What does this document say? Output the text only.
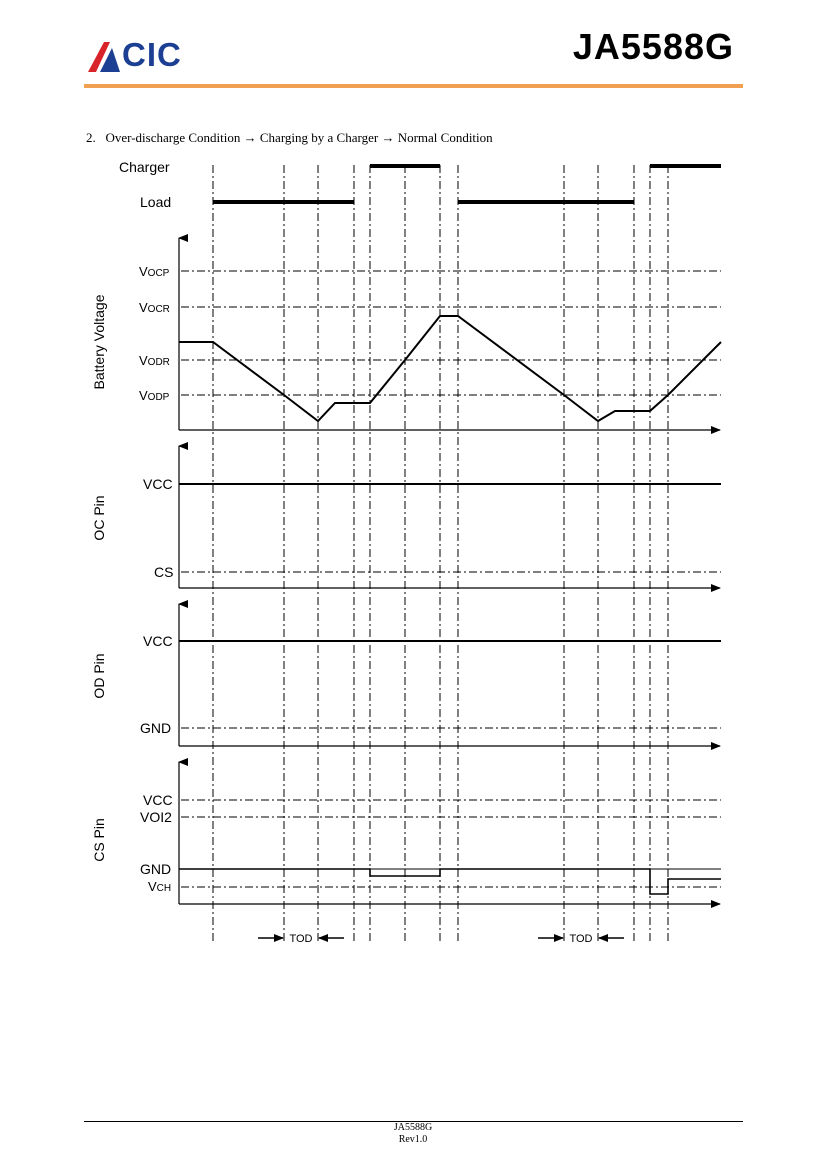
CIC	JA5588G
2.   Over-discharge Condition → Charging by a Charger → Normal Condition
Charger
Load
Battery Voltage
VOCP
VOCR
VODR
VODP
OC Pin
VCC
CS
OD Pin
VCC
GND
CS Pin
VCC
VOI2
GND
VCH
TOD	TOD
JA5588G
Rev1.0
